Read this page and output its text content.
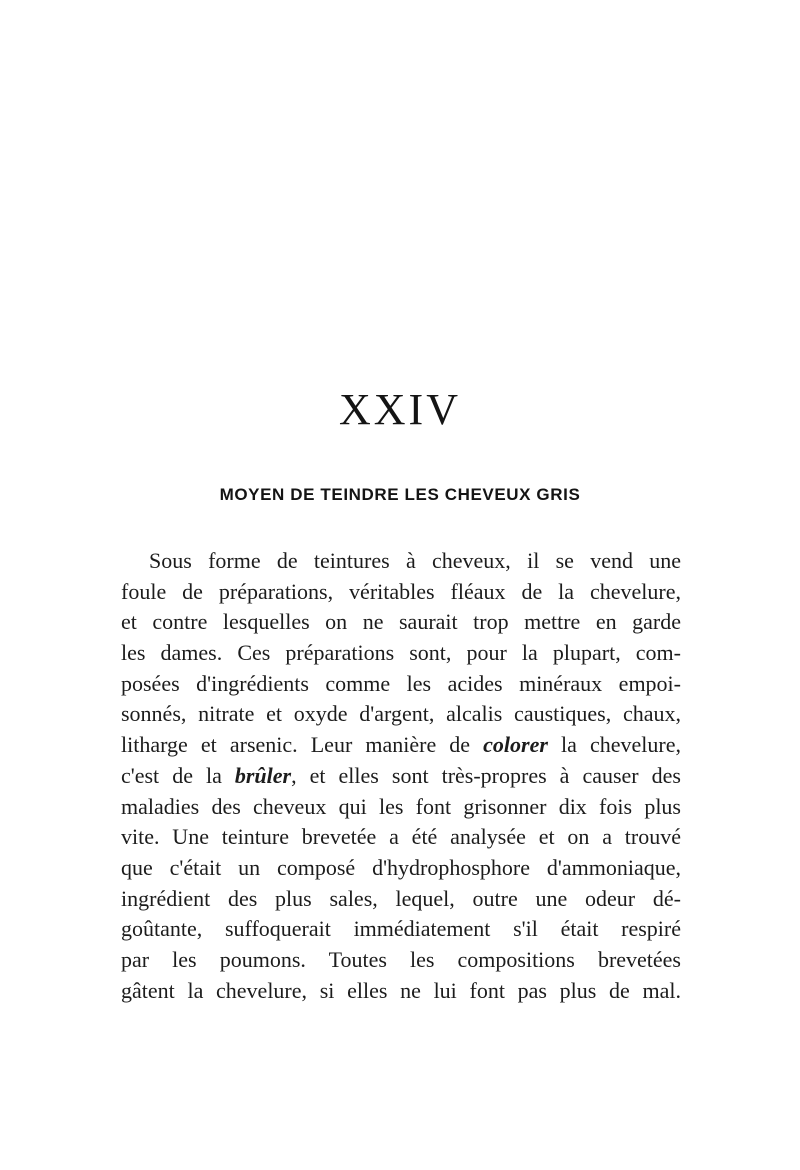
XXIV
MOYEN DE TEINDRE LES CHEVEUX GRIS
Sous forme de teintures à cheveux, il se vend une
foule de préparations, véritables fléaux de la chevelure,
et contre lesquelles on ne saurait trop mettre en garde
les dames. Ces préparations sont, pour la plupart, com-
posées d'ingrédients comme les acides minéraux empoi-
sonnés, nitrate et oxyde d'argent, alcalis caustiques, chaux,
litharge et arsenic. Leur manière de colorer la chevelure,
c'est de la brûler, et elles sont très-propres à causer des
maladies des cheveux qui les font grisonner dix fois plus
vite. Une teinture brevetée a été analysée et on a trouvé
que c'était un composé d'hydrophosphore d'ammoniaque,
ingrédient des plus sales, lequel, outre une odeur dé-
goûtante, suffoquerait immédiatement s'il était respiré
par les poumons. Toutes les compositions brevetées
gâtent la chevelure, si elles ne lui font pas plus de mal.
